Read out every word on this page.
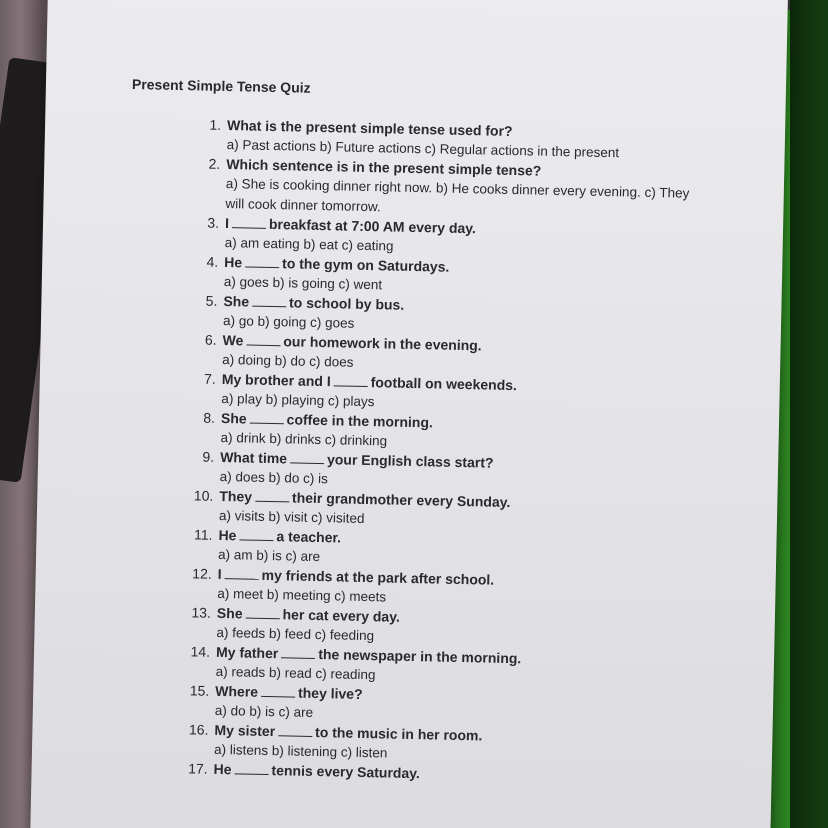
Present Simple Tense Quiz
1. What is the present simple tense used for?
a) Past actions b) Future actions c) Regular actions in the present
2. Which sentence is in the present simple tense?
a) She is cooking dinner right now. b) He cooks dinner every evening. c) They will cook dinner tomorrow.
3. I	breakfast at 7:00 AM every day.
a) am eating b) eat c) eating
4. He	to the gym on Saturdays.
a) goes b) is going c) went
5. She	to school by bus.
a) go b) going c) goes
6. We	our homework in the evening.
a) doing b) do c) does
7. My brother and I	football on weekends.
a) play b) playing c) plays
8. She	coffee in the morning.
a) drink b) drinks c) drinking
9. What time	your English class start?
a) does b) do c) is
10. They	their grandmother every Sunday.
a) visits b) visit c) visited
11. He	a teacher.
a) am b) is c) are
12. I	my friends at the park after school.
a) meet b) meeting c) meets
13. She	her cat every day.
a) feeds b) feed c) feeding
14. My father	the newspaper in the morning.
a) reads b) read c) reading
15. Where	they live?
a) do b) is c) are
16. My sister	to the music in her room.
a) listens b) listening c) listen
17. He	tennis every Saturday.
